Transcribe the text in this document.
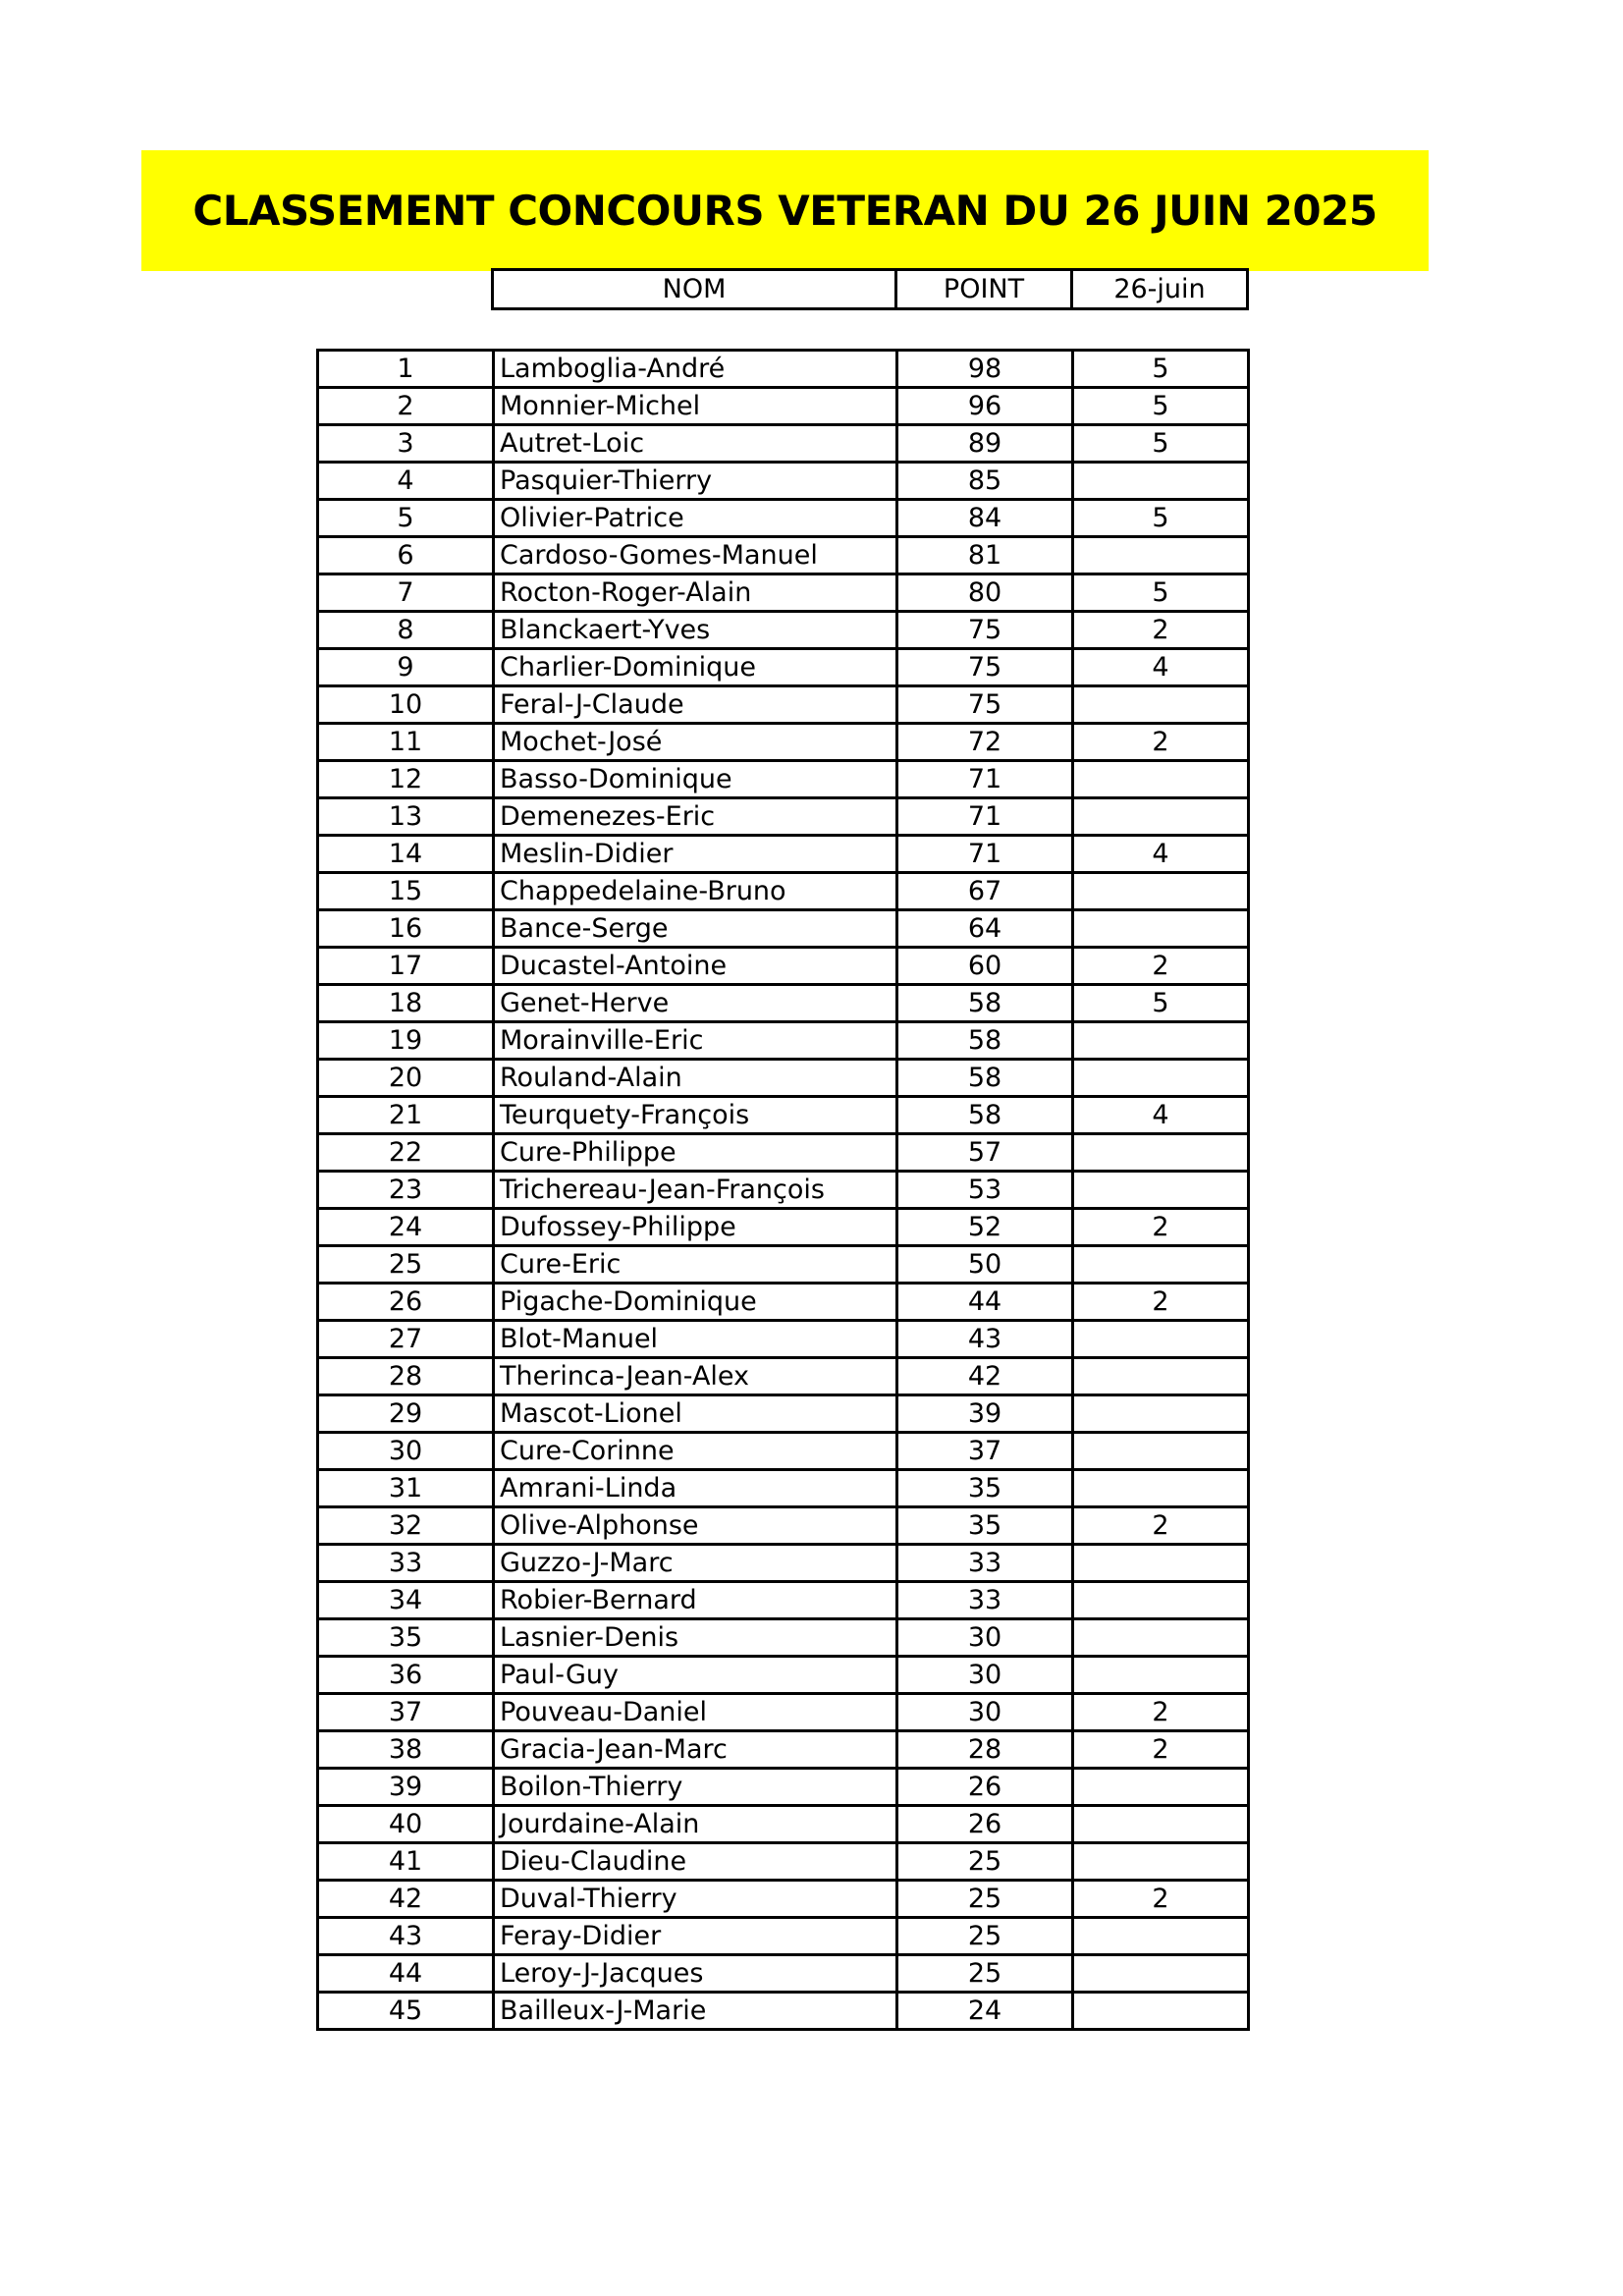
CLASSEMENT CONCOURS VETERAN DU 26 JUIN 2025
NOM	POINT	26-juin
1	Lamboglia-André	98	5
2	Monnier-Michel	96	5
3	Autret-Loic	89	5
4	Pasquier-Thierry	85	
5	Olivier-Patrice	84	5
6	Cardoso-Gomes-Manuel	81	
7	Rocton-Roger-Alain	80	5
8	Blanckaert-Yves	75	2
9	Charlier-Dominique	75	4
10	Feral-J-Claude	75	
11	Mochet-José	72	2
12	Basso-Dominique	71	
13	Demenezes-Eric	71	
14	Meslin-Didier	71	4
15	Chappedelaine-Bruno	67	
16	Bance-Serge	64	
17	Ducastel-Antoine	60	2
18	Genet-Herve	58	5
19	Morainville-Eric	58	
20	Rouland-Alain	58	
21	Teurquety-François	58	4
22	Cure-Philippe	57	
23	Trichereau-Jean-François	53	
24	Dufossey-Philippe	52	2
25	Cure-Eric	50	
26	Pigache-Dominique	44	2
27	Blot-Manuel	43	
28	Therinca-Jean-Alex	42	
29	Mascot-Lionel	39	
30	Cure-Corinne	37	
31	Amrani-Linda	35	
32	Olive-Alphonse	35	2
33	Guzzo-J-Marc	33	
34	Robier-Bernard	33	
35	Lasnier-Denis	30	
36	Paul-Guy	30	
37	Pouveau-Daniel	30	2
38	Gracia-Jean-Marc	28	2
39	Boilon-Thierry	26	
40	Jourdaine-Alain	26	
41	Dieu-Claudine	25	
42	Duval-Thierry	25	2
43	Feray-Didier	25	
44	Leroy-J-Jacques	25	
45	Bailleux-J-Marie	24	
